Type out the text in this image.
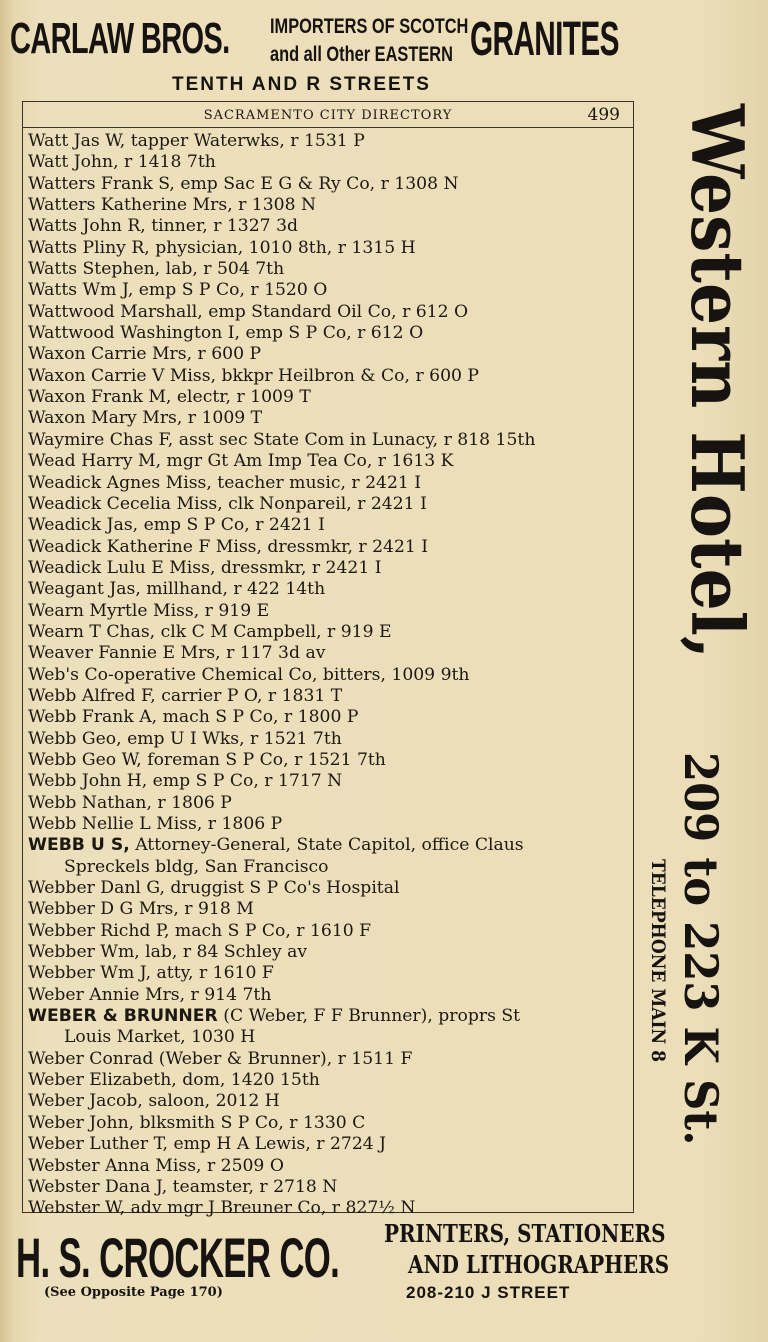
CARLAW BROS. IMPORTERS OF SCOTCH
and all Other EASTERN GRANITES
TENTH AND R STREETS
SACRAMENTO CITY DIRECTORY	499
Watt Jas W, tapper Waterwks, r 1531 P
Watt John, r 1418 7th
Watters Frank S, emp Sac E G & Ry Co, r 1308 N
Watters Katherine Mrs, r 1308 N
Watts John R, tinner, r 1327 3d
Watts Pliny R, physician, 1010 8th, r 1315 H
Watts Stephen, lab, r 504 7th
Watts Wm J, emp S P Co, r 1520 O
Wattwood Marshall, emp Standard Oil Co, r 612 O
Wattwood Washington I, emp S P Co, r 612 O
Waxon Carrie Mrs, r 600 P
Waxon Carrie V Miss, bkkpr Heilbron & Co, r 600 P
Waxon Frank M, electr, r 1009 T
Waxon Mary Mrs, r 1009 T
Waymire Chas F, asst sec State Com in Lunacy, r 818 15th
Wead Harry M, mgr Gt Am Imp Tea Co, r 1613 K
Weadick Agnes Miss, teacher music, r 2421 I
Weadick Cecelia Miss, clk Nonpareil, r 2421 I
Weadick Jas, emp S P Co, r 2421 I
Weadick Katherine F Miss, dressmkr, r 2421 I
Weadick Lulu E Miss, dressmkr, r 2421 I
Weagant Jas, millhand, r 422 14th
Wearn Myrtle Miss, r 919 E
Wearn T Chas, clk C M Campbell, r 919 E
Weaver Fannie E Mrs, r 117 3d av
Web's Co-operative Chemical Co, bitters, 1009 9th
Webb Alfred F, carrier P O, r 1831 T
Webb Frank A, mach S P Co, r 1800 P
Webb Geo, emp U I Wks, r 1521 7th
Webb Geo W, foreman S P Co, r 1521 7th
Webb John H, emp S P Co, r 1717 N
Webb Nathan, r 1806 P
Webb Nellie L Miss, r 1806 P
WEBB U S, Attorney-General, State Capitol, office Claus
Spreckels bldg, San Francisco
Webber Danl G, druggist S P Co's Hospital
Webber D G Mrs, r 918 M
Webber Richd P, mach S P Co, r 1610 F
Webber Wm, lab, r 84 Schley av
Webber Wm J, atty, r 1610 F
Weber Annie Mrs, r 914 7th
WEBER & BRUNNER (C Weber, F F Brunner), proprs St
Louis Market, 1030 H
Weber Conrad (Weber & Brunner), r 1511 F
Weber Elizabeth, dom, 1420 15th
Weber Jacob, saloon, 2012 H
Weber John, blksmith S P Co, r 1330 C
Weber Luther T, emp H A Lewis, r 2724 J
Webster Anna Miss, r 2509 O
Webster Dana J, teamster, r 2718 N
Webster W, adv mgr J Breuner Co, r 827½ N
Western Hotel,
209 to 223 K St.
TELEPHONE MAIN 8
H. S. CROCKER CO. PRINTERS, STATIONERS
AND LITHOGRAPHERS
(See Opposite Page 170)	208-210 J STREET
